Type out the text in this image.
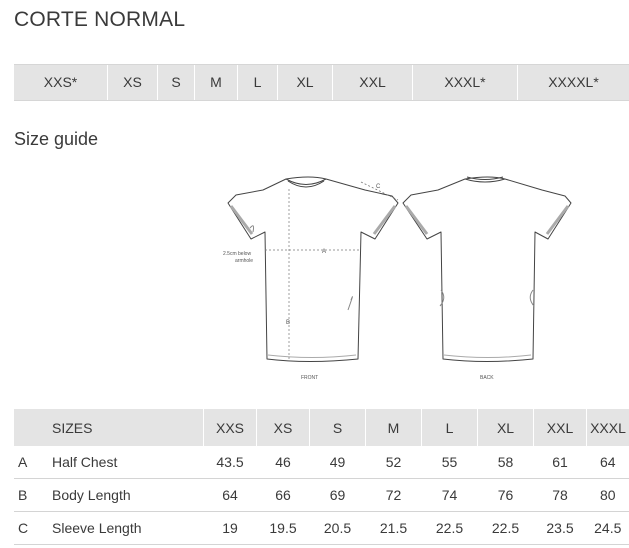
CORTE NORMAL
XXS*	XS	S	M	L	XL	XXL	XXXL*	XXXXL*
Size guide
A
B
C
2.5cm below
armhole
FRONT	BACK
	SIZES	XXS	XS	S	M	L	XL	XXL	XXXL
A	Half Chest	43.5	46	49	52	55	58	61	64
B	Body Length	64	66	69	72	74	76	78	80
C	Sleeve Length	19	19.5	20.5	21.5	22.5	22.5	23.5	24.5
